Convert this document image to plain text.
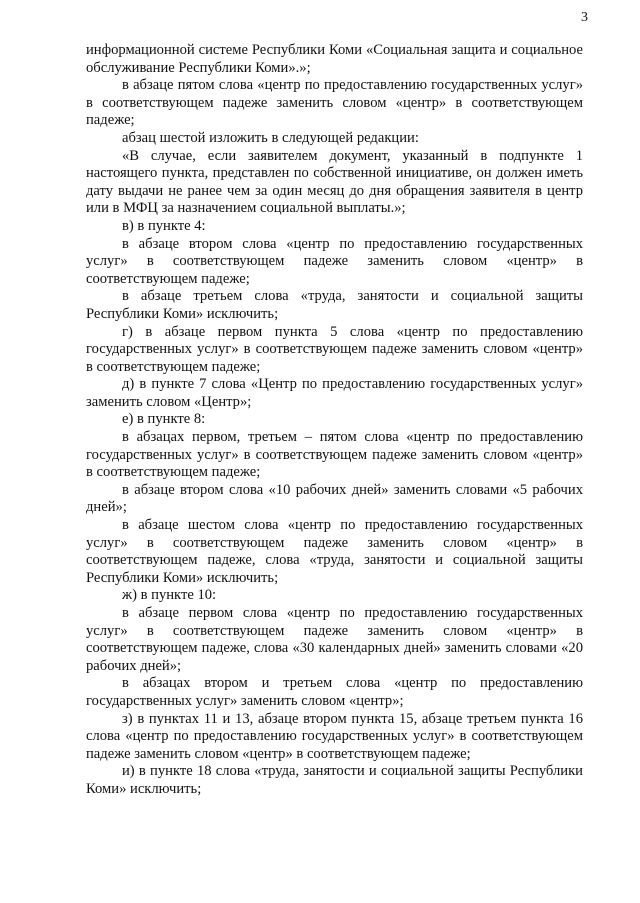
3

информационной системе Республики Коми «Социальная защита и социальное обслуживание Республики Коми».»;

в абзаце пятом слова «центр по предоставлению государственных услуг» в соответствующем падеже заменить словом «центр» в соответствующем падеже;

абзац шестой изложить в следующей редакции:

«В случае, если заявителем документ, указанный в подпункте 1 настоящего пункта, представлен по собственной инициативе, он должен иметь дату выдачи не ранее чем за один месяц до дня обращения заявителя в центр или в МФЦ за назначением социальной выплаты.»;

в) в пункте 4:

в абзаце втором слова «центр по предоставлению государственных услуг» в соответствующем падеже заменить словом «центр» в соответствующем падеже;

в абзаце третьем слова «труда, занятости и социальной защиты Республики Коми» исключить;

г) в абзаце первом пункта 5 слова «центр по предоставлению государственных услуг» в соответствующем падеже заменить словом «центр» в соответствующем падеже;

д) в пункте 7 слова «Центр по предоставлению государственных услуг» заменить словом «Центр»;

е) в пункте 8:

в абзацах первом, третьем – пятом слова «центр по предоставлению государственных услуг» в соответствующем падеже заменить словом «центр» в соответствующем падеже;

в абзаце втором слова «10 рабочих дней» заменить словами «5 рабочих дней»;

в абзаце шестом слова «центр по предоставлению государственных услуг» в соответствующем падеже заменить словом «центр» в соответствующем падеже, слова «труда, занятости и социальной защиты Республики Коми» исключить;

ж) в пункте 10:

в абзаце первом слова «центр по предоставлению государственных услуг» в соответствующем падеже заменить словом «центр» в соответствующем падеже, слова «30 календарных дней» заменить словами «20 рабочих дней»;

в абзацах втором и третьем слова «центр по предоставлению государственных услуг» заменить словом «центр»;

з) в пунктах 11 и 13, абзаце втором пункта 15, абзаце третьем пункта 16 слова «центр по предоставлению государственных услуг» в соответствующем падеже заменить словом «центр» в соответствующем падеже;

и) в пункте 18 слова «труда, занятости и социальной защиты Республики Коми» исключить;
